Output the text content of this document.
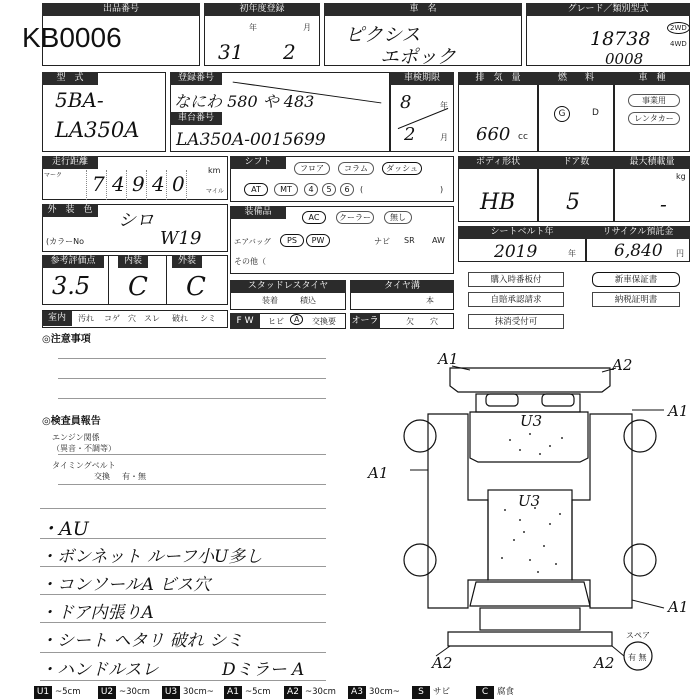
KB0006
出品番号	初年度登録
年	月
31 2
車　名
ピクシス
エポック
グレード／類別型式
18738
0008
2WD
4WD
型　式
5BA-
LA350A
登録番号
なにわ 580 や 483
車台番号
LA350A-0015699
車検期限
8	年
2	月
排　気　量
660 cc
燃　　料
G	D
車　種
事業用
レンタカー
走行距離
マーク 7 4 9 4 0
km
マイル
シフト
フロア	コラム	ダッシュ
AT	MT	4	5	6	(	)
ボディ形状
HB
ドア数
5
最大積載量
kg
-
外　装　色	シロ
(カラーNo	W19
装備品
AC	クーラー	無し
エアバッグ	PS	PW	ナビ SR AW
その他（
シートベルト年
2019	年
リサイクル預託金
6,840 円
参考評価点	内装	外装
3.5 C C	スタッドレスタイヤ
装着	積込
タイヤ溝
本
購入時番板付
自賠承認請求
抹消受付可
新車保証書
納税証明書
室内	汚れ コゲ 穴 スレ 破れ シミ	F W	ヒビ	A	交換要 オーラ	欠 穴
◎注意事項
◎検査員報告
エンジン関係
（異音・不調等）
タイミングベルト
交換 有・無
・AU
・ボンネット ルーフ小U多し
・コンソールA ビス穴
・ドア内張りA
・シート ヘタリ 破れ シミ
・ハンドルスレ	Dミラー A
A1	A2
A1
A1
U3
U3
A1
A2	A2
スペア
有 無
U1 ~5cm	U2 ~30cm	U3 30cm~	A1 ~5cm	A2 ~30cm	A3 30cm~	S	サビ	C	腐食
